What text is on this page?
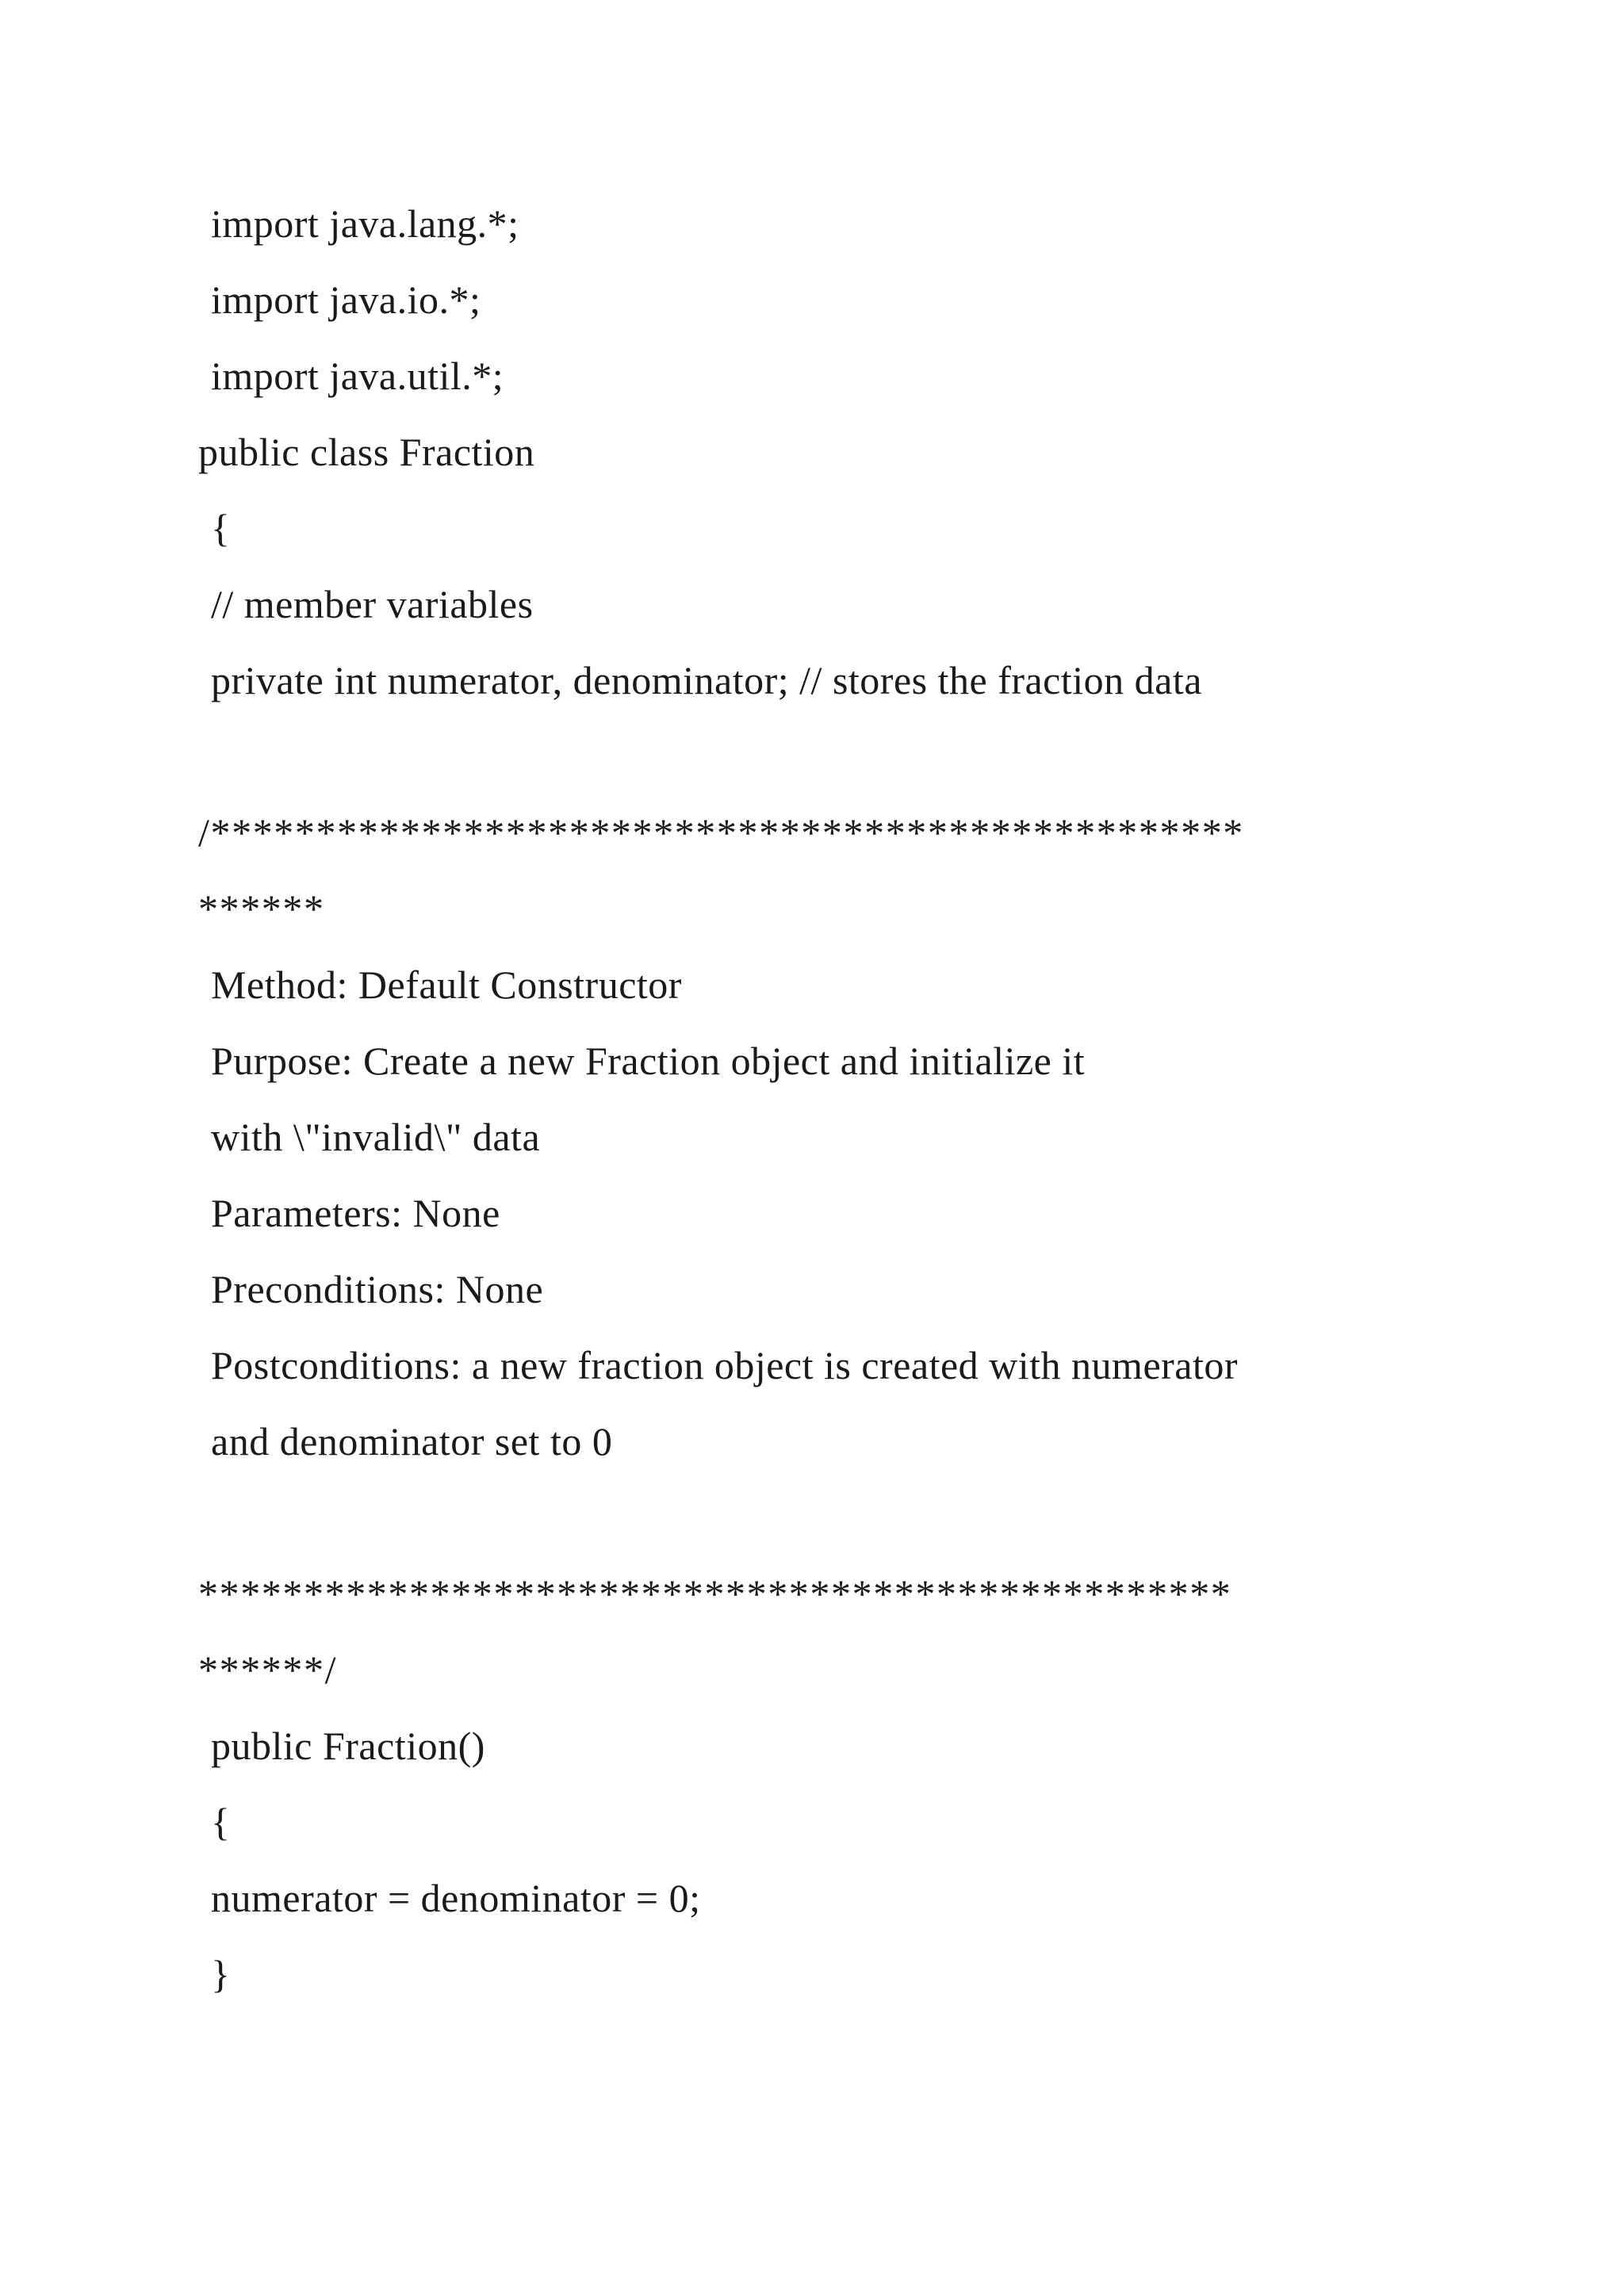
import java.lang.*;

import java.io.*;

import java.util.*;

public class Fraction

{

// member variables

private int numerator, denominator; // stores the fraction data

/*************************************************

******

Method: Default Constructor

Purpose: Create a new Fraction object and initialize it

with \"invalid\" data

Parameters: None

Preconditions: None

Postconditions: a new fraction object is created with numerator

and denominator set to 0

*************************************************

******/

public Fraction()

{

numerator = denominator = 0;

}
